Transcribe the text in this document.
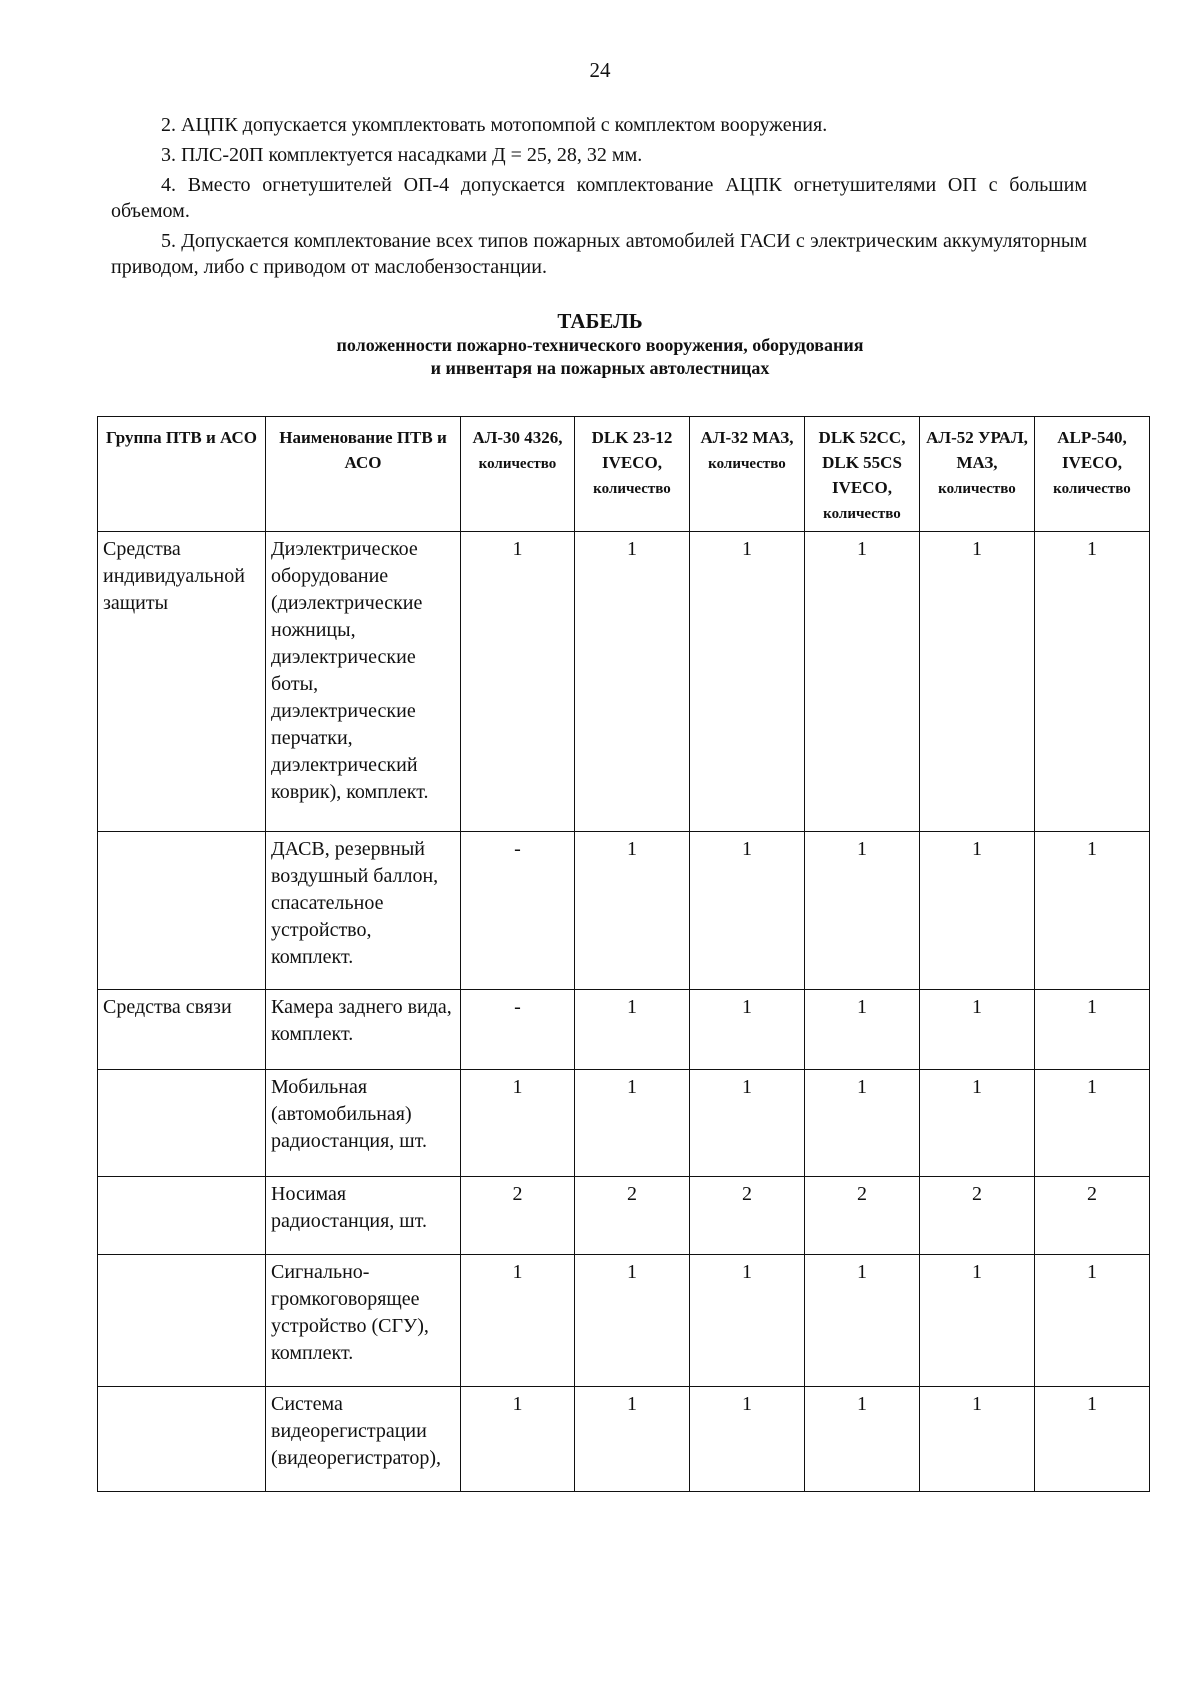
24

2. АЦПК допускается укомплектовать мотопомпой с комплектом вооружения.

3. ПЛС-20П комплектуется насадками Д = 25, 28, 32 мм.

4. Вместо огнетушителей ОП-4 допускается комплектование АЦПК огнетушителями ОП с большим объемом.

5. Допускается комплектование всех типов пожарных автомобилей ГАСИ с электрическим аккумуляторным приводом, либо с приводом от маслобензостанции.

ТАБЕЛЬ
положенности пожарно-технического вооружения, оборудования
и инвентаря на пожарных автолестницах
Группа ПТВ и АСО	Наименование ПТВ и АСО	АЛ-30 4326, количество	DLK 23-12 IVECO, количество	АЛ-32 МАЗ, количество	DLK 52CC, DLK 55CS IVECO, количество	АЛ-52 УРАЛ, МАЗ, количество	ALP-540, IVECO, количество
Средства индивидуальной защиты	Диэлектрическое оборудование (диэлектрические ножницы, диэлектрические боты, диэлектрические перчатки, диэлектрический коврик), комплект.	1	1	1	1	1	1
	ДАСВ, резервный воздушный баллон, спасательное устройство, комплект.	-	1	1	1	1	1
Средства связи	Камера заднего вида, комплект.	-	1	1	1	1	1
	Мобильная (автомобильная) радиостанция, шт.	1	1	1	1	1	1
	Носимая радиостанция, шт.	2	2	2	2	2	2
	Сигнально-громкоговорящее устройство (СГУ), комплект.	1	1	1	1	1	1
	Система видеорегистрации (видеорегистратор),	1	1	1	1	1	1
